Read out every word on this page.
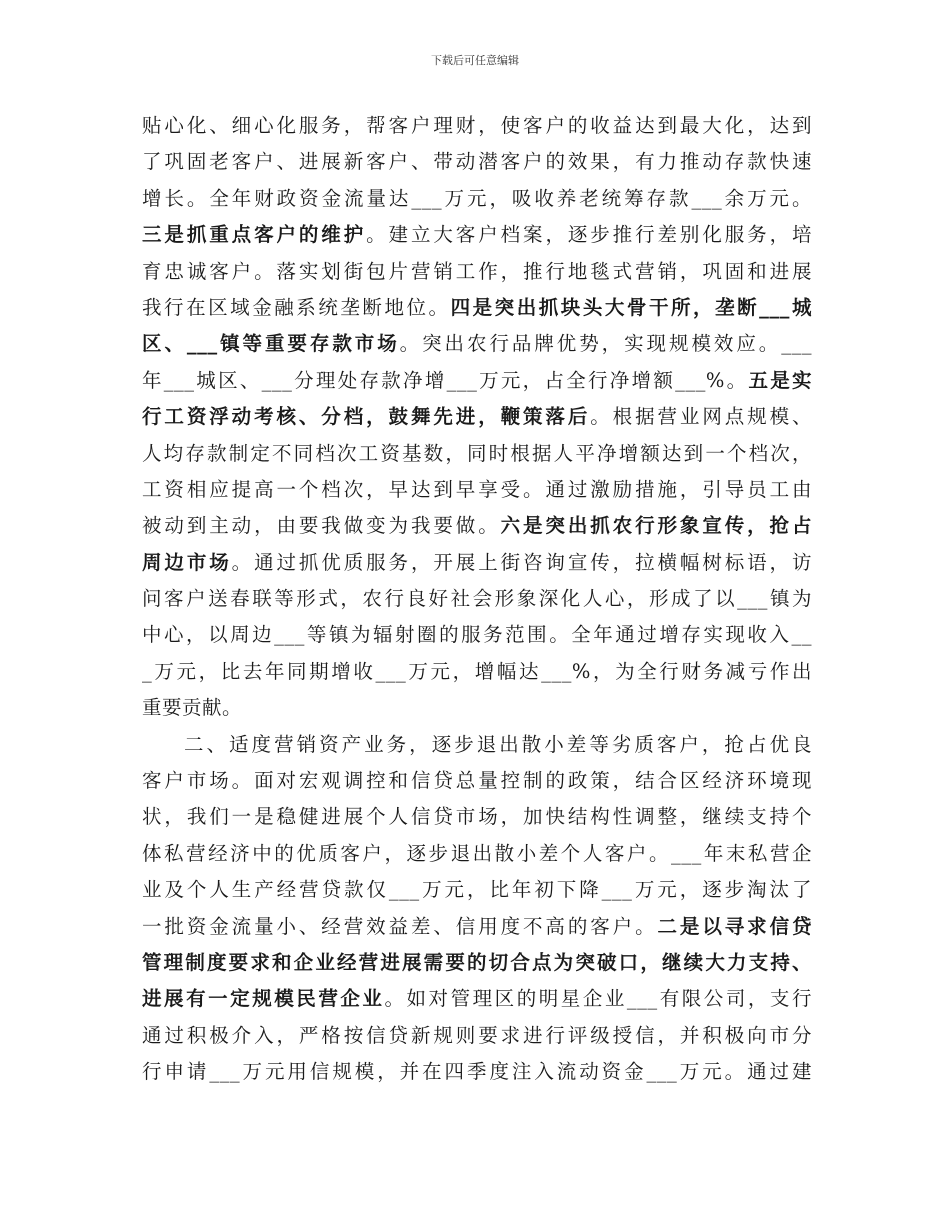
下载后可任意编辑
贴心化、细心化服务，帮客户理财，使客户的收益达到最大化，达到
了巩固老客户、进展新客户、带动潜客户的效果，有力推动存款快速
增长。全年财政资金流量达___万元，吸收养老统筹存款___余万元。
三是抓重点客户的维护。建立大客户档案，逐步推行差别化服务，培
育忠诚客户。落实划街包片营销工作，推行地毯式营销，巩固和进展
我行在区域金融系统垄断地位。四是突出抓块头大骨干所，垄断___城
区、___镇等重要存款市场。突出农行品牌优势，实现规模效应。___
年___城区、___分理处存款净增___万元，占全行净增额___%。五是实
行工资浮动考核、分档，鼓舞先进，鞭策落后。根据营业网点规模、
人均存款制定不同档次工资基数，同时根据人平净增额达到一个档次，
工资相应提高一个档次，早达到早享受。通过激励措施，引导员工由
被动到主动，由要我做变为我要做。六是突出抓农行形象宣传，抢占
周边市场。通过抓优质服务，开展上街咨询宣传，拉横幅树标语，访
问客户送春联等形式，农行良好社会形象深化人心，形成了以___镇为
中心，以周边___等镇为辐射圈的服务范围。全年通过增存实现收入__
_万元，比去年同期增收___万元，增幅达___%，为全行财务减亏作出
重要贡献。
二、适度营销资产业务，逐步退出散小差等劣质客户，抢占优良
客户市场。面对宏观调控和信贷总量控制的政策，结合区经济环境现
状，我们一是稳健进展个人信贷市场，加快结构性调整，继续支持个
体私营经济中的优质客户，逐步退出散小差个人客户。___年末私营企
业及个人生产经营贷款仅___万元，比年初下降___万元，逐步淘汰了
一批资金流量小、经营效益差、信用度不高的客户。二是以寻求信贷
管理制度要求和企业经营进展需要的切合点为突破口，继续大力支持、
进展有一定规模民营企业。如对管理区的明星企业___有限公司，支行
通过积极介入，严格按信贷新规则要求进行评级授信，并积极向市分
行申请___万元用信规模，并在四季度注入流动资金___万元。通过建
